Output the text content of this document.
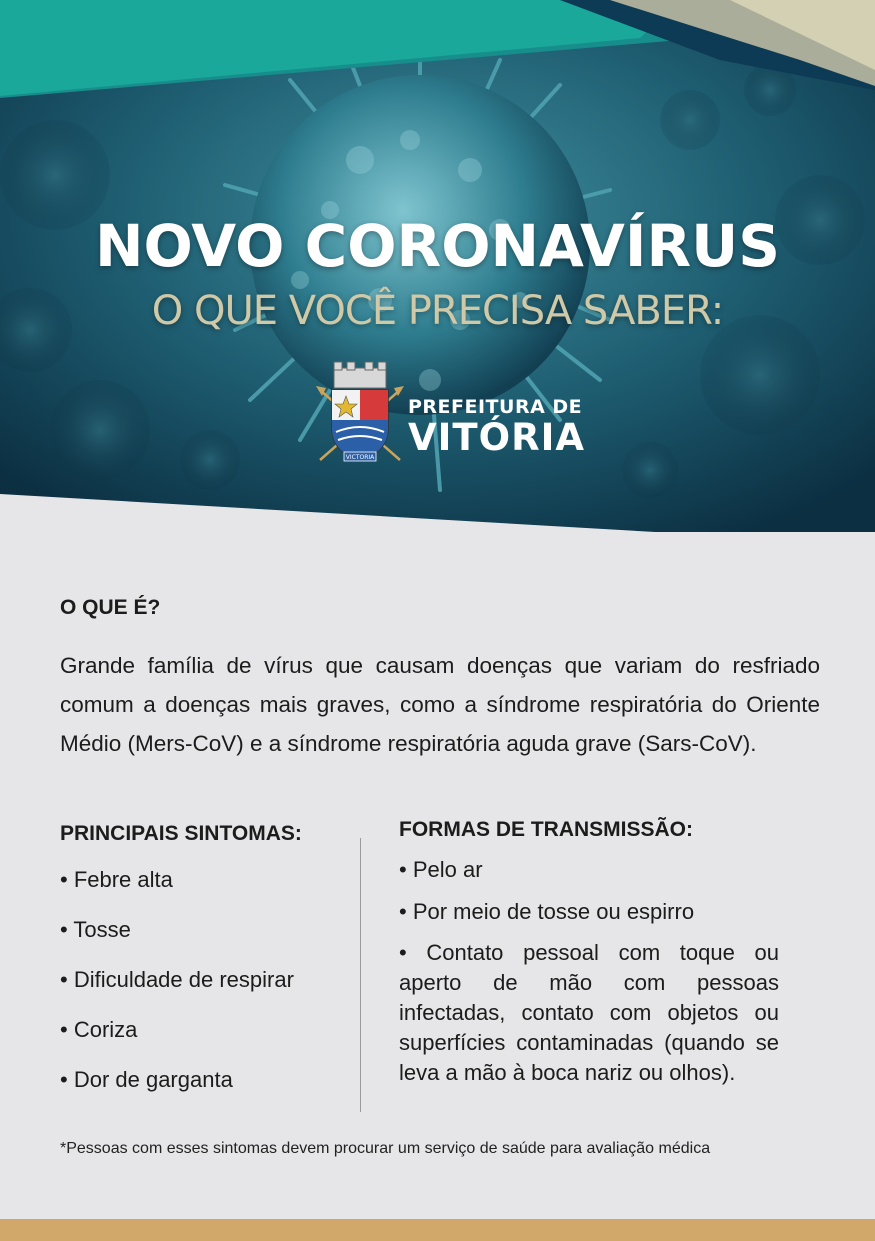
NOVO CORONAVÍRUS
O QUE VOCÊ PRECISA SABER:
VICTORIA
PREFEITURA DE
VITÓRIA
O QUE É?
Grande família de vírus que causam doenças que variam do resfriado comum a doenças mais graves, como a síndrome respiratória do Oriente Médio (Mers-CoV) e a síndrome respiratória aguda grave (Sars-CoV).
PRINCIPAIS SINTOMAS:
• Febre alta
• Tosse
• Dificuldade de respirar
• Coriza
• Dor de garganta
FORMAS DE TRANSMISSÃO:
• Pelo ar
• Por meio de tosse ou espirro
• Contato pessoal com toque ou aperto de mão com pessoas infectadas, contato com objetos ou superfícies contaminadas (quando se leva a mão à boca nariz ou olhos).
*Pessoas com esses sintomas devem procurar um serviço de saúde para avaliação médica
